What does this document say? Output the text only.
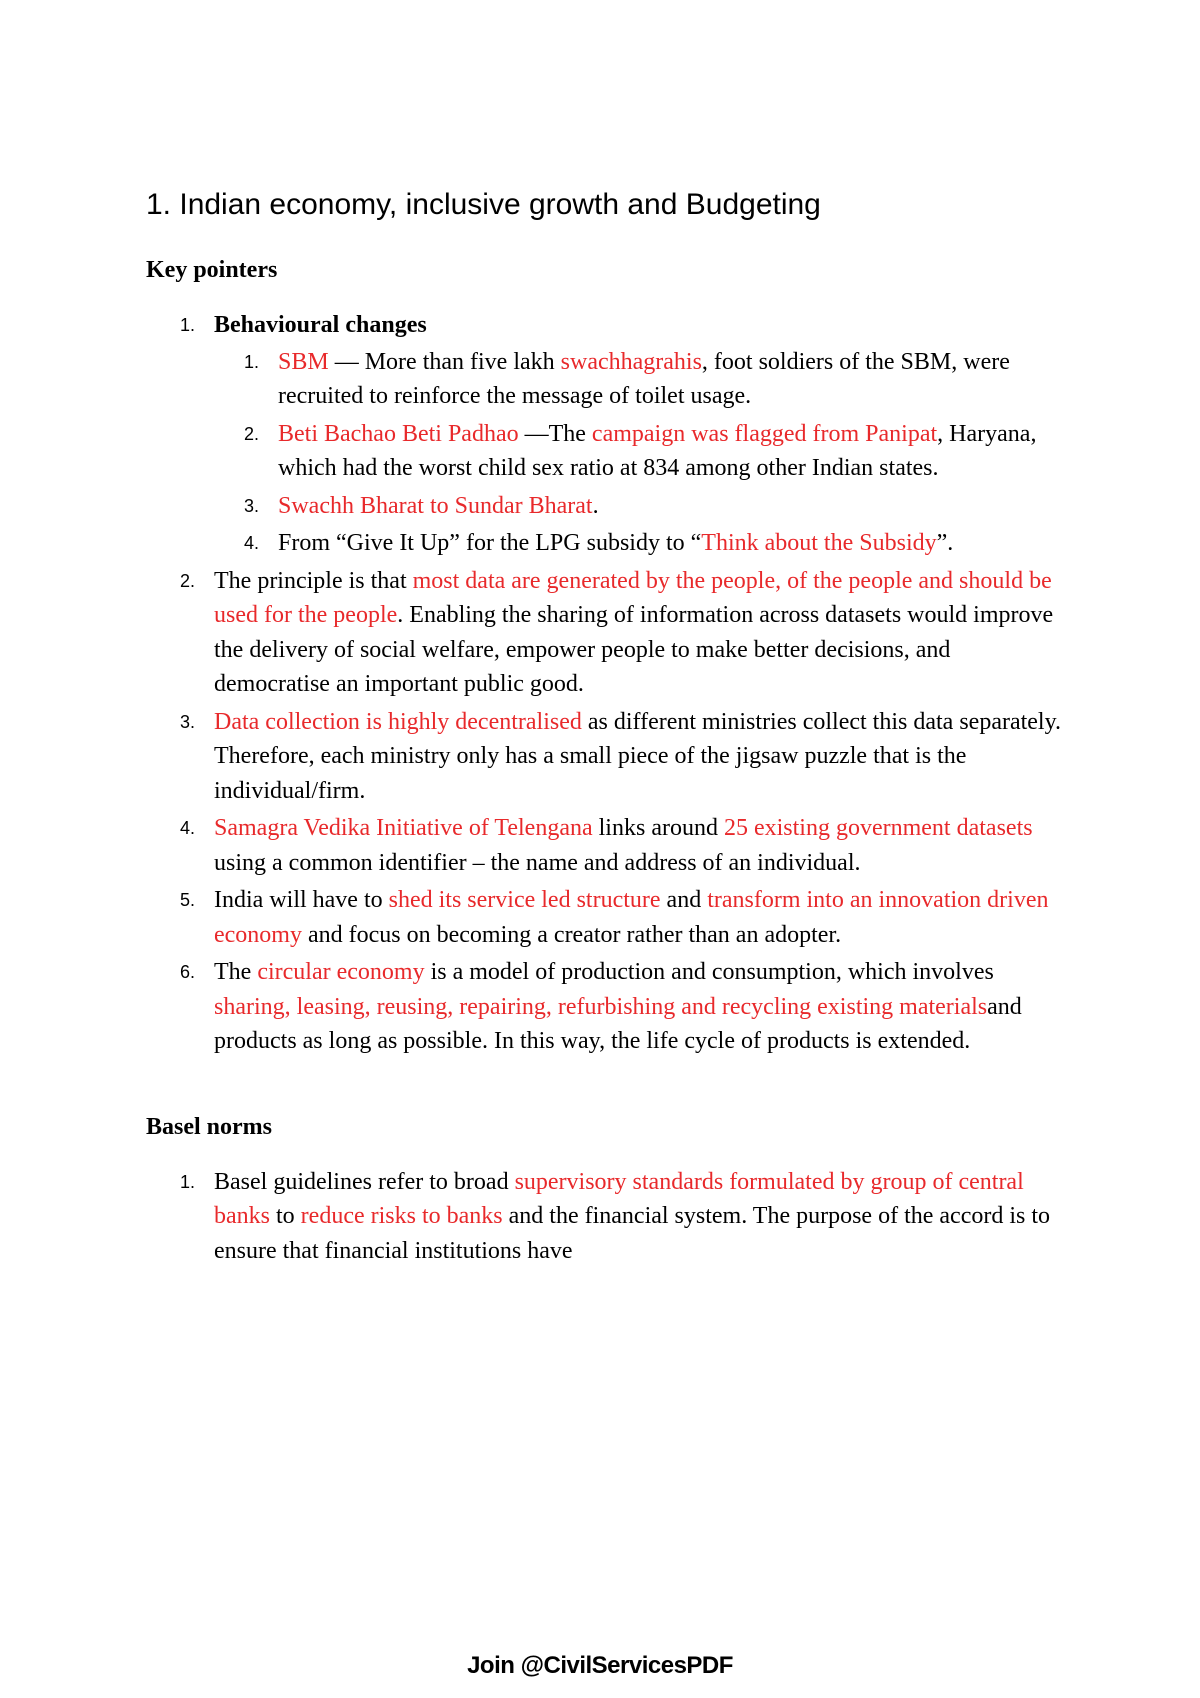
1. Indian economy, inclusive growth and Budgeting
Key pointers
1. Behavioural changes
1. SBM — More than five lakh swachhagrahis, foot soldiers of the SBM, were recruited to reinforce the message of toilet usage.
2. Beti Bachao Beti Padhao —The campaign was flagged from Panipat, Haryana, which had the worst child sex ratio at 834 among other Indian states.
3. Swachh Bharat to Sundar Bharat.
4. From “Give It Up” for the LPG subsidy to “Think about the Subsidy”.
2. The principle is that most data are generated by the people, of the people and should be used for the people. Enabling the sharing of information across datasets would improve the delivery of social welfare, empower people to make better decisions, and democratise an important public good.
3. Data collection is highly decentralised as different ministries collect this data separately. Therefore, each ministry only has a small piece of the jigsaw puzzle that is the individual/firm.
4. Samagra Vedika Initiative of Telengana links around 25 existing government datasets using a common identifier – the name and address of an individual.
5. India will have to shed its service led structure and transform into an innovation driven economy and focus on becoming a creator rather than an adopter.
6. The circular economy is a model of production and consumption, which involves sharing, leasing, reusing, repairing, refurbishing and recycling existing materialsand products as long as possible. In this way, the life cycle of products is extended.
Basel norms
1. Basel guidelines refer to broad supervisory standards formulated by group of central banks to reduce risks to banks and the financial system. The purpose of the accord is to ensure that financial institutions have
Join @CivilServicesPDF
